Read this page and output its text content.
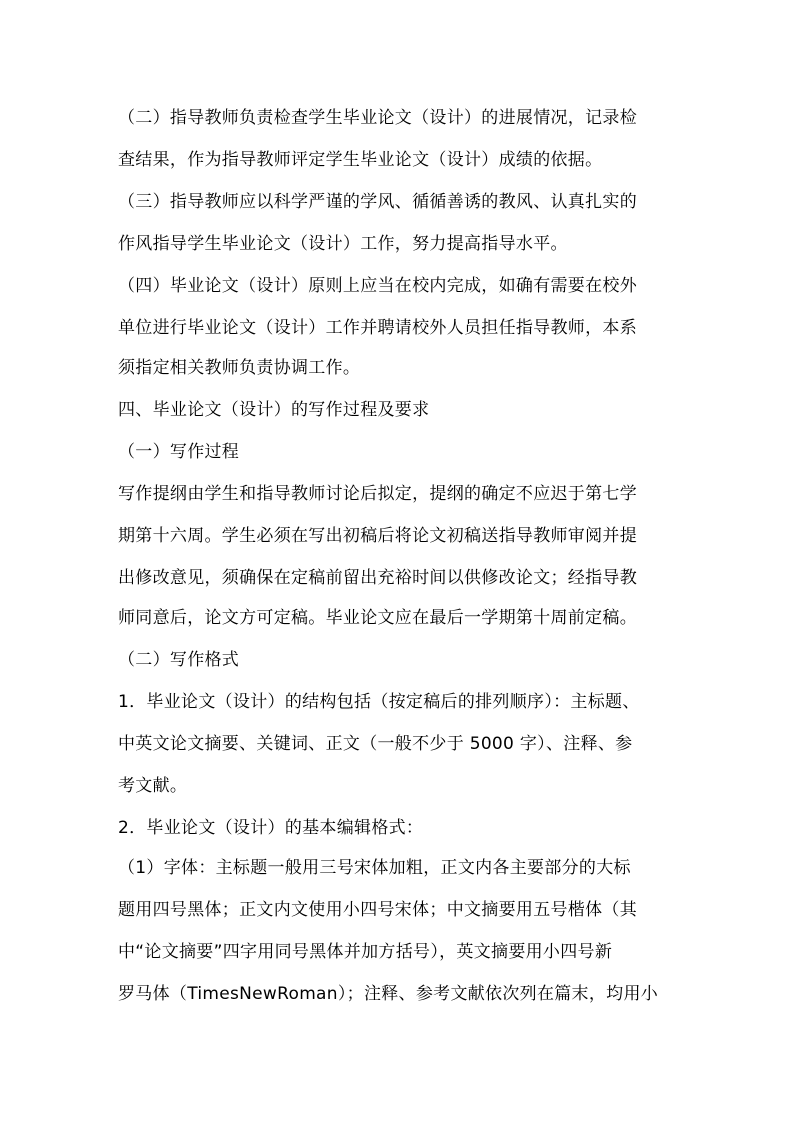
（二）指导教师负责检查学生毕业论文（设计）的进展情况，记录检
查结果，作为指导教师评定学生毕业论文（设计）成绩的依据。
（三）指导教师应以科学严谨的学风、循循善诱的教风、认真扎实的
作风指导学生毕业论文（设计）工作，努力提高指导水平。
（四）毕业论文（设计）原则上应当在校内完成，如确有需要在校外
单位进行毕业论文（设计）工作并聘请校外人员担任指导教师，本系
须指定相关教师负责协调工作。
四、毕业论文（设计）的写作过程及要求
（一）写作过程
写作提纲由学生和指导教师讨论后拟定，提纲的确定不应迟于第七学
期第十六周。学生必须在写出初稿后将论文初稿送指导教师审阅并提
出修改意见，须确保在定稿前留出充裕时间以供修改论文；经指导教
师同意后，论文方可定稿。毕业论文应在最后一学期第十周前定稿。
（二）写作格式
1．毕业论文（设计）的结构包括（按定稿后的排列顺序）：主标题、
中英文论文摘要、关键词、正文（一般不少于 5000 字）、注释、参
考文献。
2．毕业论文（设计）的基本编辑格式：
（1）字体：主标题一般用三号宋体加粗，正文内各主要部分的大标
题用四号黑体；正文内文使用小四号宋体；中文摘要用五号楷体（其
中“论文摘要”四字用同号黑体并加方括号），英文摘要用小四号新
罗马体（TimesNewRoman）；注释、参考文献依次列在篇末，均用小
